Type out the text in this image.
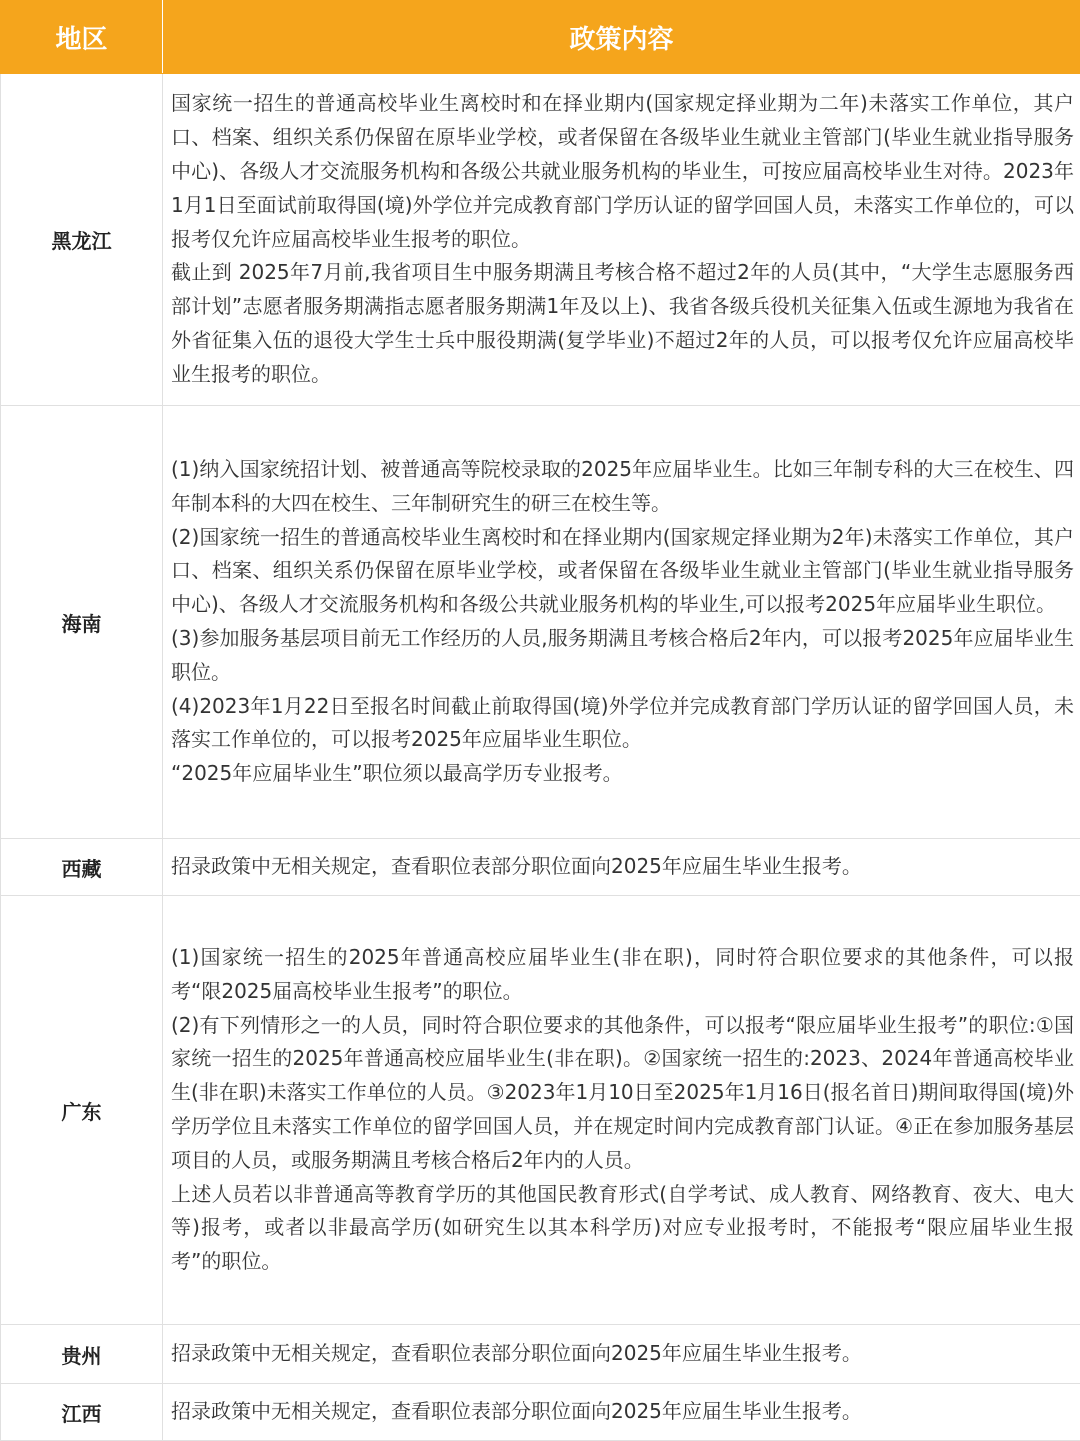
地区	政策内容
黑龙江	国家统一招生的普通高校毕业生离校时和在择业期内(国家规定择业期为二年)未落实工作单位，其户口、档案、组织关系仍保留在原毕业学校，或者保留在各级毕业生就业主管部门(毕业生就业指导服务中心)、各级人才交流服务机构和各级公共就业服务机构的毕业生，可按应届高校毕业生对待。2023年1月1日至面试前取得国(境)外学位并完成教育部门学历认证的留学回国人员，未落实工作单位的，可以报考仅允许应届高校毕业生报考的职位。

截止到 2025年7月前,我省项目生中服务期满且考核合格不超过2年的人员(其中，“大学生志愿服务西部计划”志愿者服务期满指志愿者服务期满1年及以上)、我省各级兵役机关征集入伍或生源地为我省在外省征集入伍的退役大学生士兵中服役期满(复学毕业)不超过2年的人员，可以报考仅允许应届高校毕业生报考的职位。

海南	(1)纳入国家统招计划、被普通高等院校录取的2025年应届毕业生。比如三年制专科的大三在校生、四年制本科的大四在校生、三年制研究生的研三在校生等。

(2)国家统一招生的普通高校毕业生离校时和在择业期内(国家规定择业期为2年)未落实工作单位，其户口、档案、组织关系仍保留在原毕业学校，或者保留在各级毕业生就业主管部门(毕业生就业指导服务中心)、各级人才交流服务机构和各级公共就业服务机构的毕业生,可以报考2025年应届毕业生职位。

(3)参加服务基层项目前无工作经历的人员,服务期满且考核合格后2年内，可以报考2025年应届毕业生职位。

(4)2023年1月22日至报名时间截止前取得国(境)外学位并完成教育部门学历认证的留学回国人员，未落实工作单位的，可以报考2025年应届毕业生职位。

“2025年应届毕业生”职位须以最高学历专业报考。

西藏	招录政策中无相关规定，查看职位表部分职位面向2025年应届生毕业生报考。

广东	(1)国家统一招生的2025年普通高校应届毕业生(非在职)，同时符合职位要求的其他条件，可以报考“限2025届高校毕业生报考”的职位。

(2)有下列情形之一的人员，同时符合职位要求的其他条件，可以报考“限应届毕业生报考”的职位:①国家统一招生的2025年普通高校应届毕业生(非在职)。②国家统一招生的:2023、2024年普通高校毕业生(非在职)未落实工作单位的人员。③2023年1月10日至2025年1月16日(报名首日)期间取得国(境)外学历学位且未落实工作单位的留学回国人员，并在规定时间内完成教育部门认证。④正在参加服务基层项目的人员，或服务期满且考核合格后2年内的人员。

上述人员若以非普通高等教育学历的其他国民教育形式(自学考试、成人教育、网络教育、夜大、电大等)报考，或者以非最高学历(如研究生以其本科学历)对应专业报考时，不能报考“限应届毕业生报考”的职位。

贵州	招录政策中无相关规定，查看职位表部分职位面向2025年应届生毕业生报考。

江西	招录政策中无相关规定，查看职位表部分职位面向2025年应届生毕业生报考。
